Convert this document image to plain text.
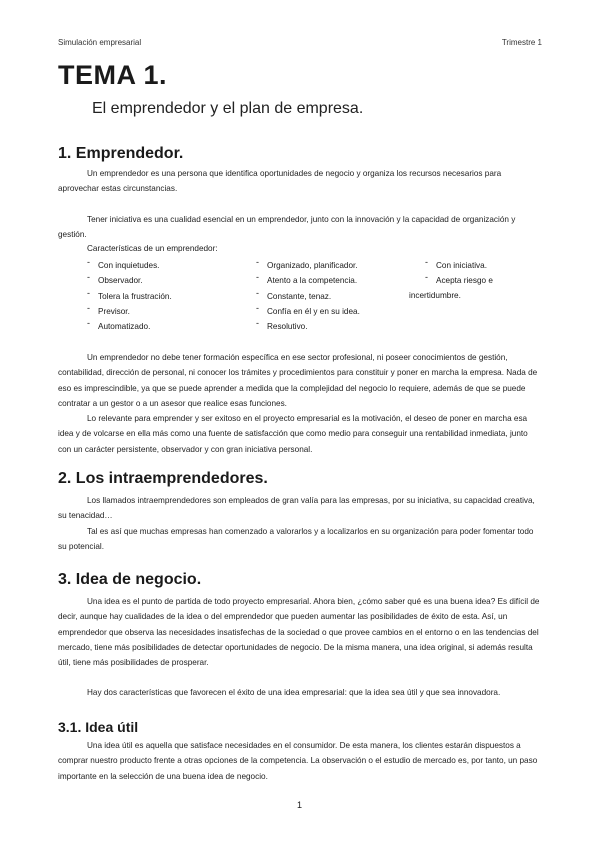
Simulación empresarial	Trimestre 1
TEMA 1.
El emprendedor y el plan de empresa.
1. Emprendedor.
Un emprendedor es una persona que identifica oportunidades de negocio y organiza los recursos necesarios para aprovechar estas circunstancias.
Tener iniciativa es una cualidad esencial en un emprendedor, junto con la innovación y la capacidad de organización y gestión.
Características de un emprendedor:
- Con inquietudes.
- Observador.
- Tolera la frustración.
- Previsor.
- Automatizado.
- Organizado, planificador.
- Atento a la competencia.
- Constante, tenaz.
- Confía en él y en su idea.
- Resolutivo.
- Con iniciativa.
- Acepta riesgo e
incertidumbre.
Un emprendedor no debe tener formación específica en ese sector profesional, ni poseer conocimientos de gestión, contabilidad, dirección de personal, ni conocer los trámites y procedimientos para constituir y poner en marcha la empresa. Nada de eso es imprescindible, ya que se puede aprender a medida que la complejidad del negocio lo requiere, además de que se puede contratar a un gestor o a un asesor que realice esas funciones.
Lo relevante para emprender y ser exitoso en el proyecto empresarial es la motivación, el deseo de poner en marcha esa idea y de volcarse en ella más como una fuente de satisfacción que como medio para conseguir una rentabilidad inmediata, junto con un carácter persistente, observador y con gran iniciativa personal.
2. Los intraemprendedores.
Los llamados intraemprendedores son empleados de gran valía para las empresas, por su iniciativa, su capacidad creativa, su tenacidad…
Tal es así que muchas empresas han comenzado a valorarlos y a localizarlos en su organización para poder fomentar todo su potencial.
3. Idea de negocio.
Una idea es el punto de partida de todo proyecto empresarial. Ahora bien, ¿cómo saber qué es una buena idea? Es difícil de decir, aunque hay cualidades de la idea o del emprendedor que pueden aumentar las posibilidades de éxito de esta. Así, un emprendedor que observa las necesidades insatisfechas de la sociedad o que provee cambios en el entorno o en las tendencias del mercado, tiene más posibilidades de detectar oportunidades de negocio. De la misma manera, una idea original, si además resulta útil, tiene más posibilidades de prosperar.
Hay dos características que favorecen el éxito de una idea empresarial: que la idea sea útil y que sea innovadora.
3.1. Idea útil
Una idea útil es aquella que satisface necesidades en el consumidor. De esta manera, los clientes estarán dispuestos a comprar nuestro producto frente a otras opciones de la competencia. La observación o el estudio de mercado es, por tanto, un paso importante en la selección de una buena idea de negocio.
1
